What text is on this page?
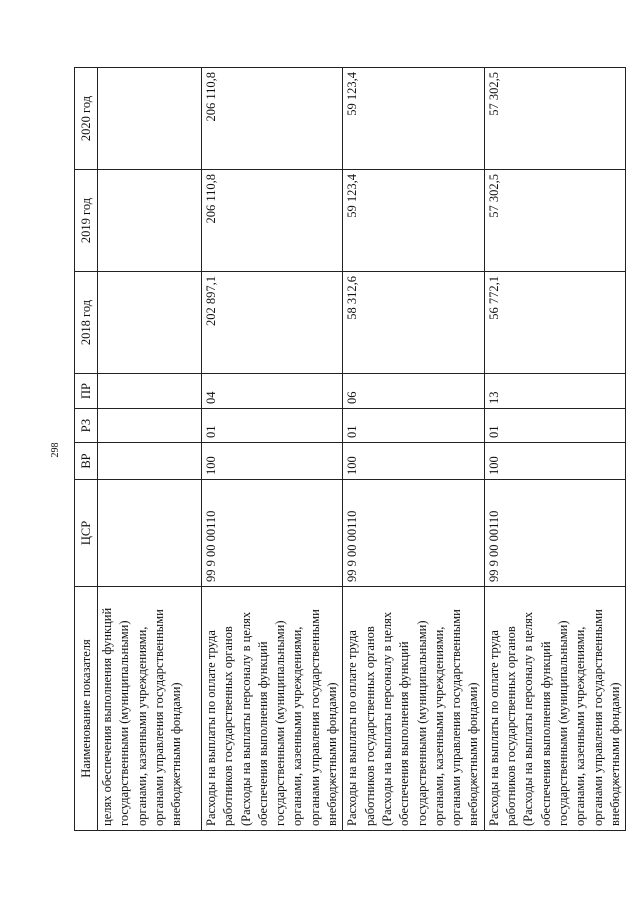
298
Наименование показателя	ЦСР	ВР	РЗ	ПР	2018 год	2019 год	2020 год
целях обеспечения выполнения функций государственными (муниципальными) органами, казенными учреждениями, органами управления государственными внебюджетными фондами)							
Расходы на выплаты по оплате труда работников государственных органов (Расходы на выплаты персоналу в целях обеспечения выполнения функций государственными (муниципальными) органами, казенными учреждениями, органами управления государственными внебюджетными фондами)	99 9 00 00110	100	01	04	202 897,1	206 110,8	206 110,8
Расходы на выплаты по оплате труда работников государственных органов (Расходы на выплаты персоналу в целях обеспечения выполнения функций государственными (муниципальными) органами, казенными учреждениями, органами управления государственными внебюджетными фондами)	99 9 00 00110	100	01	06	58 312,6	59 123,4	59 123,4
Расходы на выплаты по оплате труда работников государственных органов (Расходы на выплаты персоналу в целях обеспечения выполнения функций государственными (муниципальными) органами, казенными учреждениями, органами управления государственными внебюджетными фондами)	99 9 00 00110	100	01	13	56 772,1	57 302,5	57 302,5
